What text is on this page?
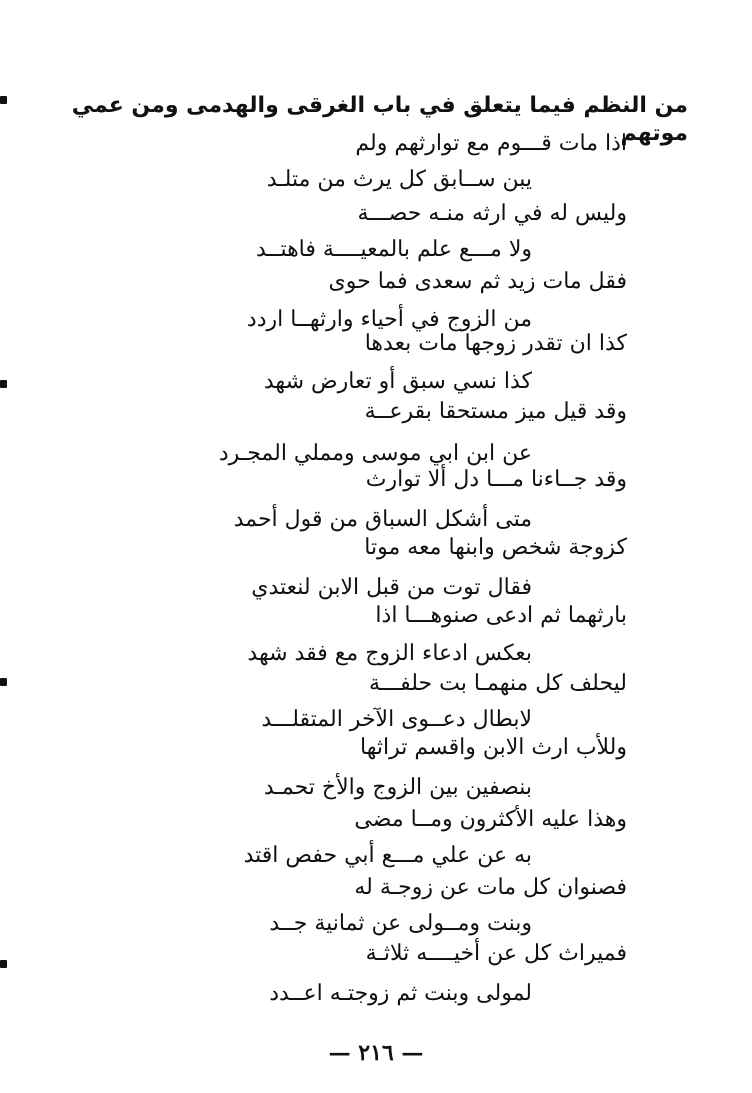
من النظم فيما يتعلق في باب الغرقى والهدمى ومن عمي موتهم
اذا مات قـــوم مع توارثهم ولم
يبن ســابق كل يرث من متلـد
وليس له في ارثه منـه حصـــة
ولا مـــع علم بالمعيــــة فاهتــد
فقل مات زيد ثم سعدى فما حوى
من الزوج في أحياء وارثهــا اردد
كذا ان تقدر زوجها مات بعدها
كذا نسي سبق أو تعارض شهد
وقد قيل ميز مستحقا بقرعــة
عن ابن ابي موسى ومملي المجـرد
وقد جــاءنا مـــا دل ألا توارث
متى أشكل السباق من قول أحمد
كزوجة شخص وابنها معه موتا
فقال توت من قبل الابن لنعتدي
بارثهما ثم ادعى صنوهـــا اذا
بعكس ادعاء الزوج مع فقد شهد
ليحلف كل منهمـا بت حلفـــة
لابطال دعــوى الآخر المتقلـــد
وللأب ارث الابن واقسم تراثها
بنصفين بين الزوج والأخ تحمـد
وهذا عليه الأكثرون ومــا مضى
به عن علي مـــع أبي حفص اقتد
فصنوان كل مات عن زوجـة له
وبنت ومــولى عن ثمانية جــد
فميراث كل عن أخيــــه ثلاثـة
لمولى وبنت ثم زوجتـه اعــدد
— ٢١٦ —
